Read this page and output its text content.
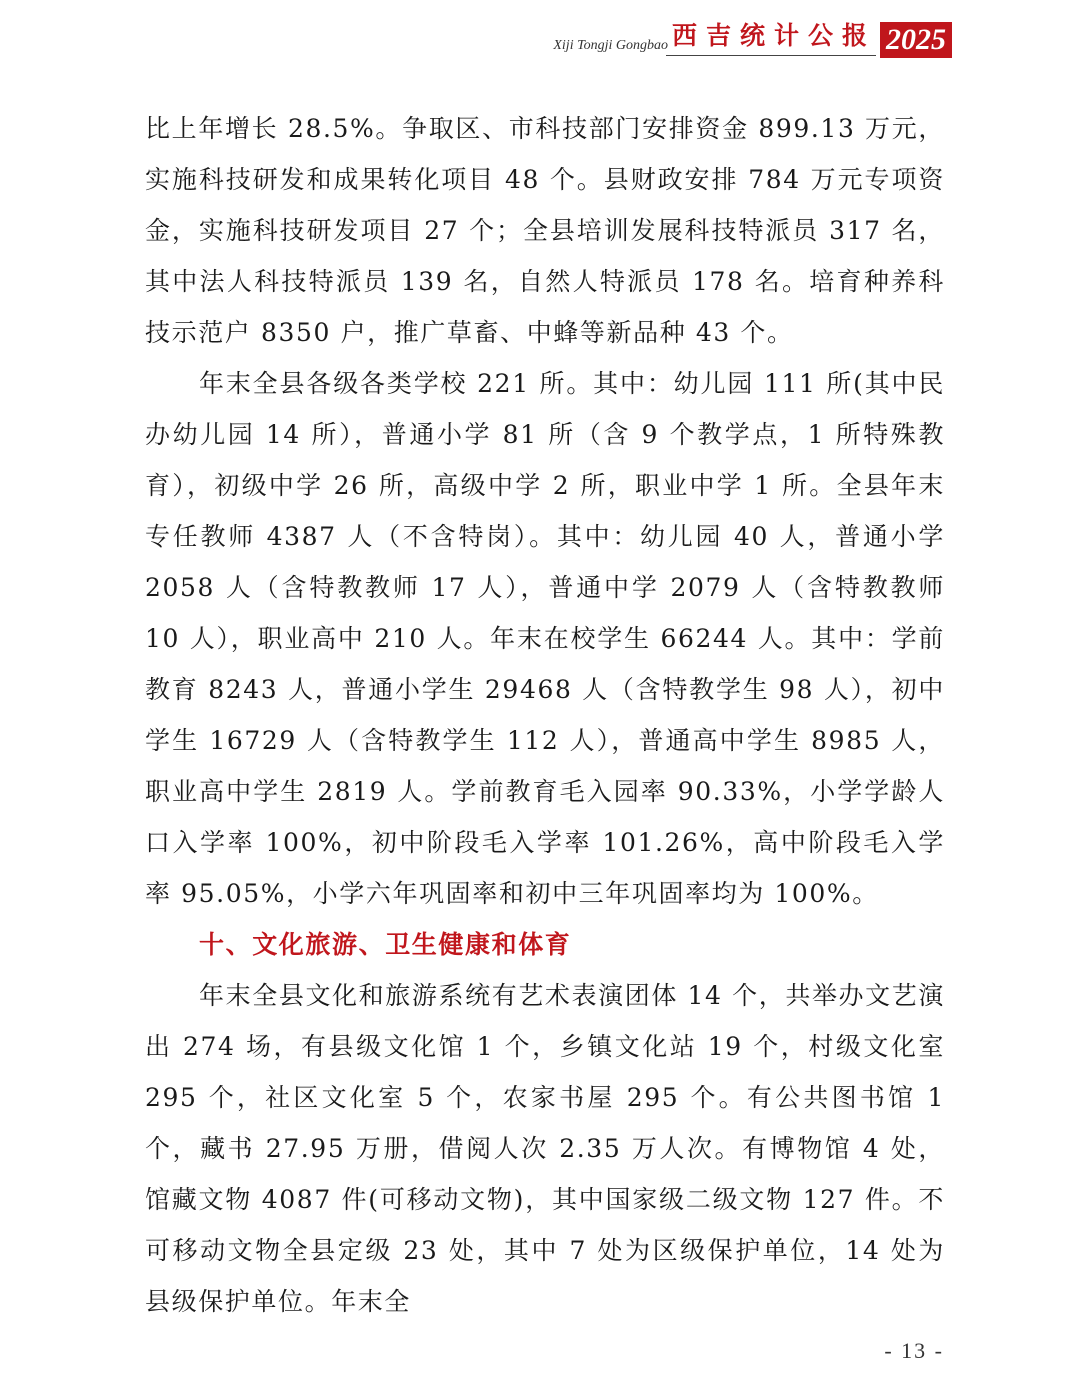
Xiji Tongji Gongbao 西吉统计公报 2025

比上年增长 28.5%。争取区、市科技部门安排资金 899.13 万元，实施科技研发和成果转化项目 48 个。县财政安排 784 万元专项资金，实施科技研发项目 27 个；全县培训发展科技特派员 317 名，其中法人科技特派员 139 名，自然人特派员 178 名。培育种养科技示范户 8350 户，推广草畜、中蜂等新品种 43 个。

年末全县各级各类学校 221 所。其中：幼儿园 111 所(其中民办幼儿园 14 所），普通小学 81 所（含 9 个教学点，1 所特殊教育），初级中学 26 所，高级中学 2 所，职业中学 1 所。全县年末专任教师 4387 人（不含特岗）。其中：幼儿园 40 人，普通小学 2058 人（含特教教师 17 人），普通中学 2079 人（含特教教师 10 人），职业高中 210 人。年末在校学生 66244 人。其中：学前教育 8243 人，普通小学生 29468 人（含特教学生 98 人），初中学生 16729 人（含特教学生 112 人），普通高中学生 8985 人，职业高中学生 2819 人。学前教育毛入园率 90.33%，小学学龄人口入学率 100%，初中阶段毛入学率 101.26%，高中阶段毛入学率 95.05%，小学六年巩固率和初中三年巩固率均为 100%。

十、文化旅游、卫生健康和体育

年末全县文化和旅游系统有艺术表演团体 14 个，共举办文艺演出 274 场，有县级文化馆 1 个，乡镇文化站 19 个，村级文化室 295 个，社区文化室 5 个，农家书屋 295 个。有公共图书馆 1 个，藏书 27.95 万册，借阅人次 2.35 万人次。有博物馆 4 处，馆藏文物 4087 件(可移动文物)，其中国家级二级文物 127 件。不可移动文物全县定级 23 处，其中 7 处为区级保护单位，14 处为县级保护单位。年末全

- 13 -
